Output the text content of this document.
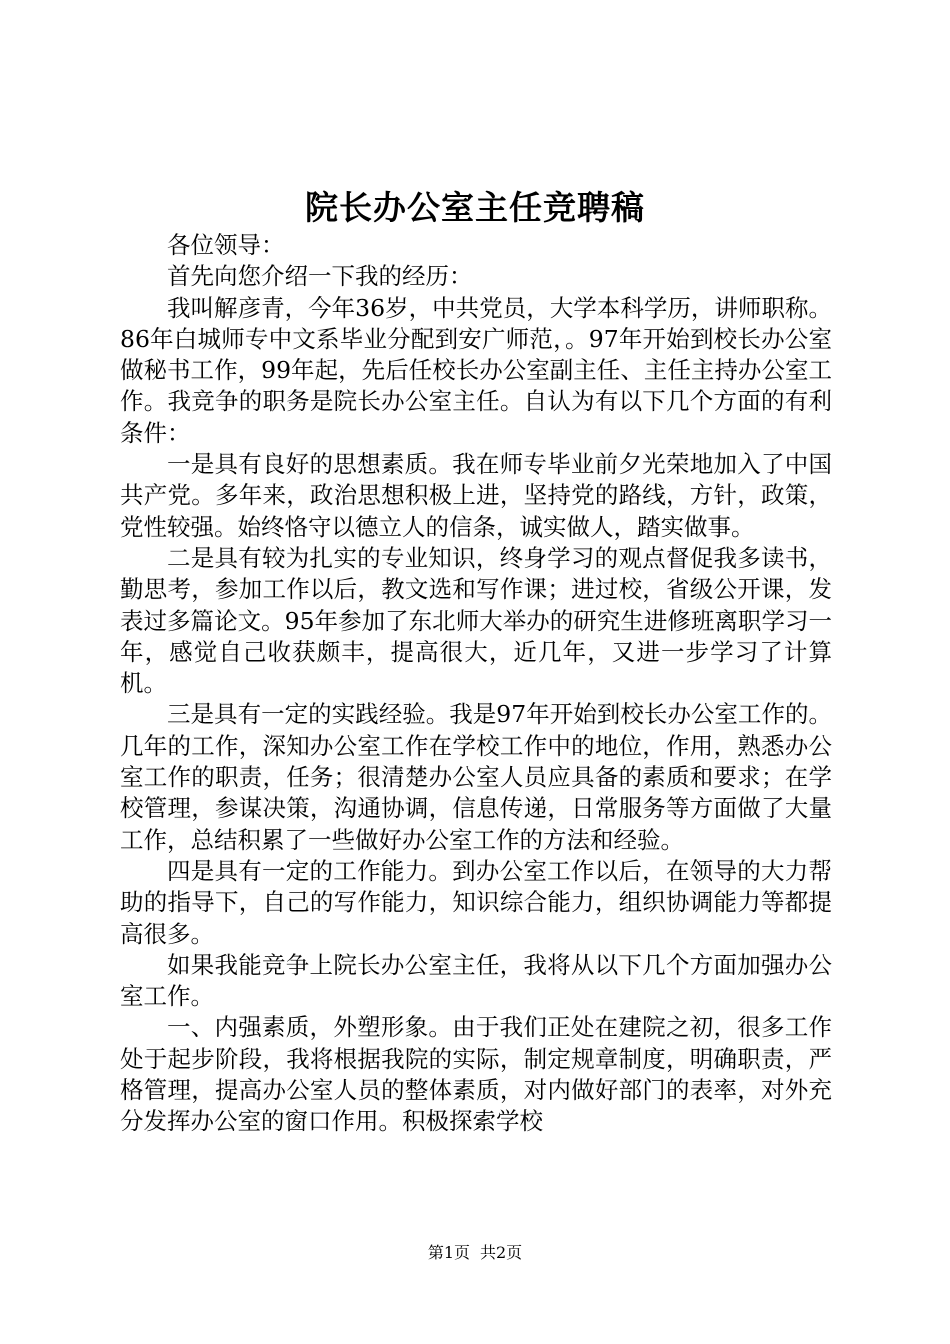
院长办公室主任竞聘稿

各位领导：

首先向您介绍一下我的经历：

我叫解彦青，今年36岁，中共党员，大学本科学历，讲师职称。86年白城师专中文系毕业分配到安广师范，。97年开始到校长办公室做秘书工作，99年起，先后任校长办公室副主任、主任主持办公室工作。我竞争的职务是院长办公室主任。自认为有以下几个方面的有利条件：

一是具有良好的思想素质。我在师专毕业前夕光荣地加入了中国共产党。多年来，政治思想积极上进，坚持党的路线，方针，政策，党性较强。始终恪守以德立人的信条，诚实做人，踏实做事。

二是具有较为扎实的专业知识，终身学习的观点督促我多读书，勤思考，参加工作以后，教文选和写作课；进过校，省级公开课，发表过多篇论文。95年参加了东北师大举办的研究生进修班离职学习一年，感觉自己收获颇丰，提高很大，近几年，又进一步学习了计算机。

三是具有一定的实践经验。我是97年开始到校长办公室工作的。几年的工作，深知办公室工作在学校工作中的地位，作用，熟悉办公室工作的职责，任务；很清楚办公室人员应具备的素质和要求；在学校管理，参谋决策，沟通协调，信息传递，日常服务等方面做了大量工作，总结积累了一些做好办公室工作的方法和经验。

四是具有一定的工作能力。到办公室工作以后，在领导的大力帮助的指导下，自己的写作能力，知识综合能力，组织协调能力等都提高很多。

如果我能竞争上院长办公室主任，我将从以下几个方面加强办公室工作。

一、内强素质，外塑形象。由于我们正处在建院之初，很多工作处于起步阶段，我将根据我院的实际，制定规章制度，明确职责，严格管理，提高办公室人员的整体素质，对内做好部门的表率，对外充分发挥办公室的窗口作用。积极探索学校

第1页 共2页
